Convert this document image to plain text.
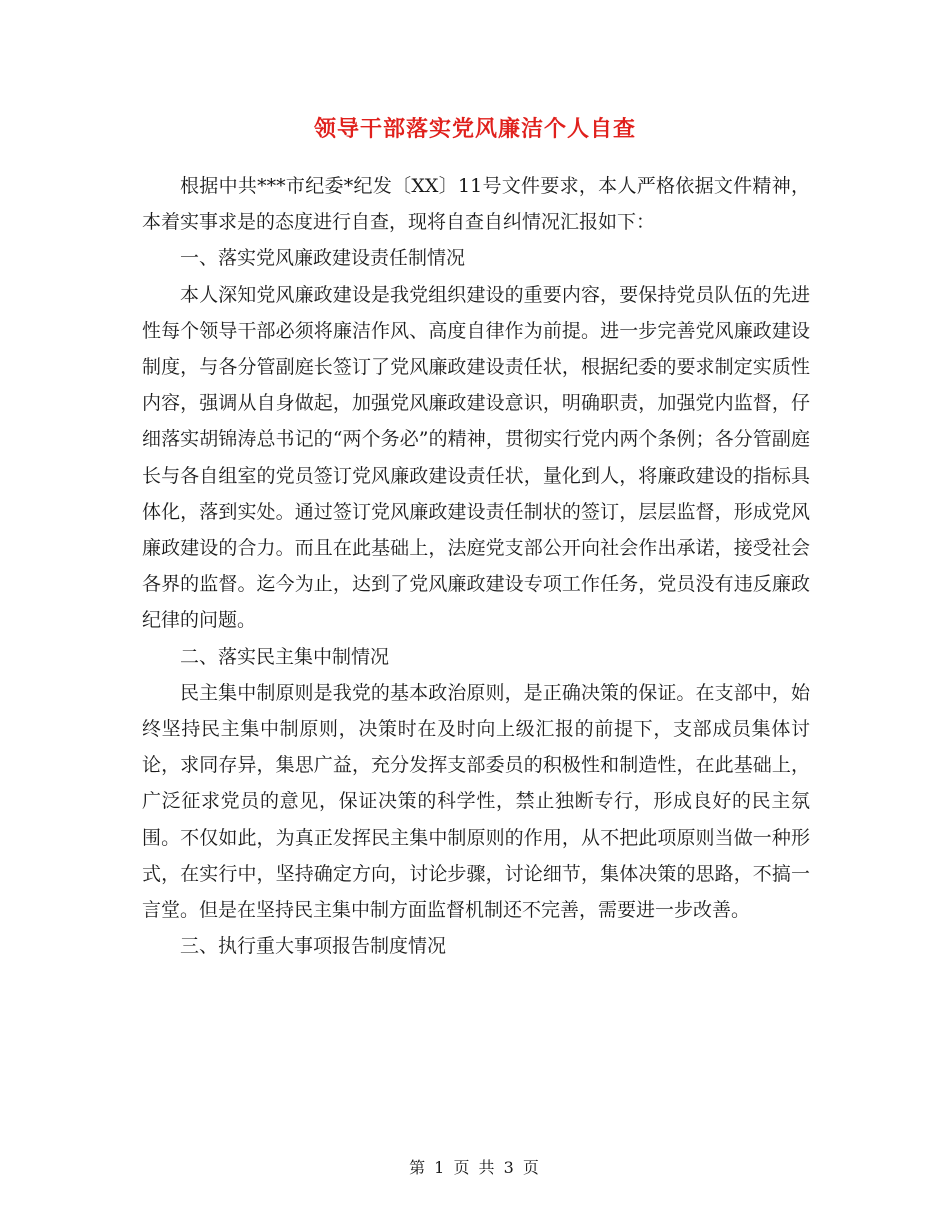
领导干部落实党风廉洁个人自查

根据中共***市纪委*纪发〔XX〕11号文件要求，本人严格依据文件精神，本着实事求是的态度进行自查，现将自查自纠情况汇报如下：

一、落实党风廉政建设责任制情况

本人深知党风廉政建设是我党组织建设的重要内容，要保持党员队伍的先进性每个领导干部必须将廉洁作风、高度自律作为前提。进一步完善党风廉政建设制度，与各分管副庭长签订了党风廉政建设责任状，根据纪委的要求制定实质性内容，强调从自身做起，加强党风廉政建设意识，明确职责，加强党内监督，仔细落实胡锦涛总书记的“两个务必”的精神，贯彻实行党内两个条例；各分管副庭长与各自组室的党员签订党风廉政建设责任状，量化到人，将廉政建设的指标具体化，落到实处。通过签订党风廉政建设责任制状的签订，层层监督，形成党风廉政建设的合力。而且在此基础上，法庭党支部公开向社会作出承诺，接受社会各界的监督。迄今为止，达到了党风廉政建设专项工作任务，党员没有违反廉政纪律的问题。

二、落实民主集中制情况

民主集中制原则是我党的基本政治原则，是正确决策的保证。在支部中，始终坚持民主集中制原则，决策时在及时向上级汇报的前提下，支部成员集体讨论，求同存异，集思广益，充分发挥支部委员的积极性和制造性，在此基础上，广泛征求党员的意见，保证决策的科学性，禁止独断专行，形成良好的民主氛围。不仅如此，为真正发挥民主集中制原则的作用，从不把此项原则当做一种形式，在实行中，坚持确定方向，讨论步骤，讨论细节，集体决策的思路，不搞一言堂。但是在坚持民主集中制方面监督机制还不完善，需要进一步改善。

三、执行重大事项报告制度情况

第 1 页 共 3 页
